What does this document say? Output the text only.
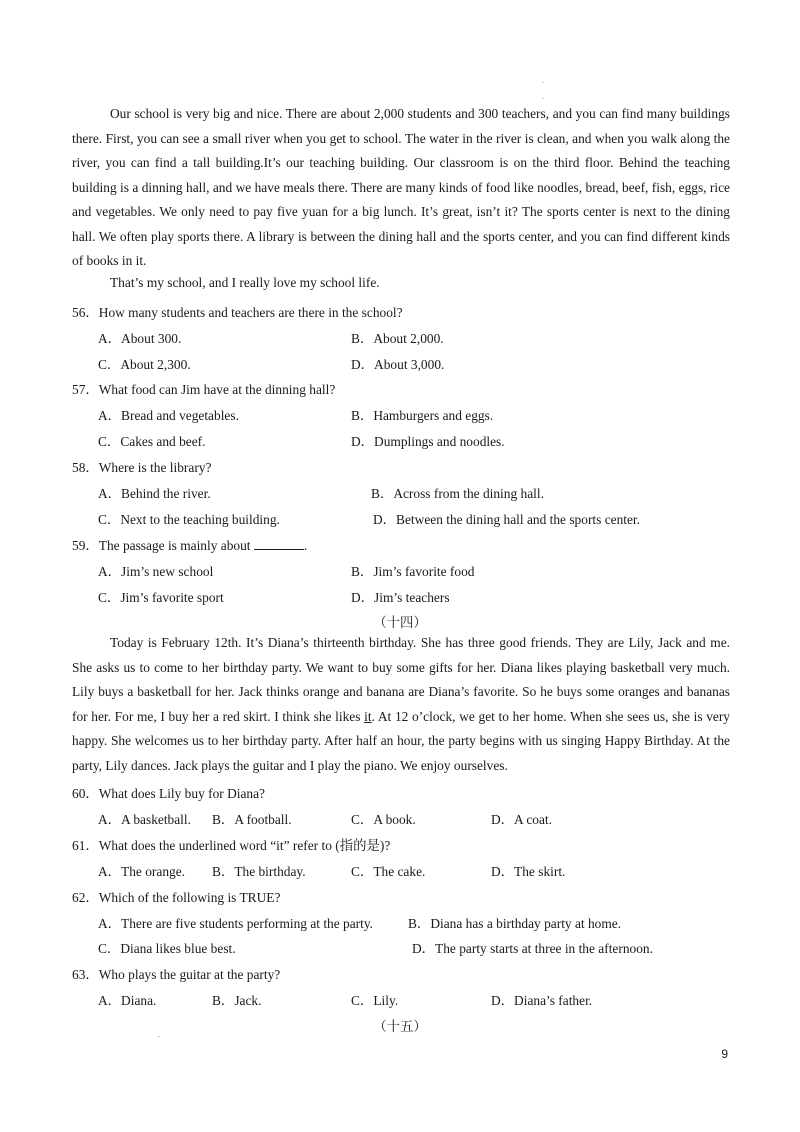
.
.

Our school is very big and nice. There are about 2,000 students and 300 teachers, and you can find many buildings there. First, you can see a small river when you get to school. The water in the river is clean, and when you walk along the river, you can find a tall building.It’s our teaching building. Our classroom is on the third floor. Behind the teaching building is a dinning hall, and we have meals there. There are many kinds of food like noodles, bread, beef, fish, eggs, rice and vegetables. We only need to pay five yuan for a big lunch. It’s great, isn’t it? The sports center is next to the dining hall. We often play sports there. A library is between the dining hall and the sports center, and you can find different kinds of books in it.

That’s my school, and I really love my school life.

56．How many students and teachers are there in the school?
A．About 300.	B．About 2,000.
C．About 2,300.	D．About 3,000.
57．What food can Jim have at the dinning hall?
A．Bread and vegetables.	B．Hamburgers and eggs.
C．Cakes and beef.	D．Dumplings and noodles.
58．Where is the library?
A．Behind the river.	B．Across from the dining hall.
C．Next to the teaching building.	D．Between the dining hall and the sports center.
59．The passage is mainly about	.
A．Jim’s new school	B．Jim’s favorite food
C．Jim’s favorite sport	D．Jim’s teachers
（十四）

Today is February 12th. It’s Diana’s thirteenth birthday. She has three good friends. They are Lily, Jack and me. She asks us to come to her birthday party. We want to buy some gifts for her. Diana likes playing basketball very much. Lily buys a basketball for her. Jack thinks orange and banana are Diana’s favorite. So he buys some oranges and bananas for her. For me, I buy her a red skirt. I think she likes it. At 12 o’clock, we get to her home. When she sees us, she is very happy. She welcomes us to her birthday party. After half an hour, the party begins with us singing Happy Birthday. At the party, Lily dances. Jack plays the guitar and I play the piano. We enjoy ourselves.

60．What does Lily buy for Diana?
A．A basketball. B．A football.	C．A book.	D．A coat.
61．What does the underlined word “it” refer to (指的是)?
A．The orange. B．The birthday.	C．The cake.	D．The skirt.
62．Which of the following is TRUE?
A．There are five students performing at the party.	B．Diana has a birthday party at home.
C．Diana likes blue best.	D．The party starts at three in the afternoon.
63．Who plays the guitar at the party?
A．Diana.	B．Jack.	C．Lily.	D．Diana’s father.
（十五）
.
9
